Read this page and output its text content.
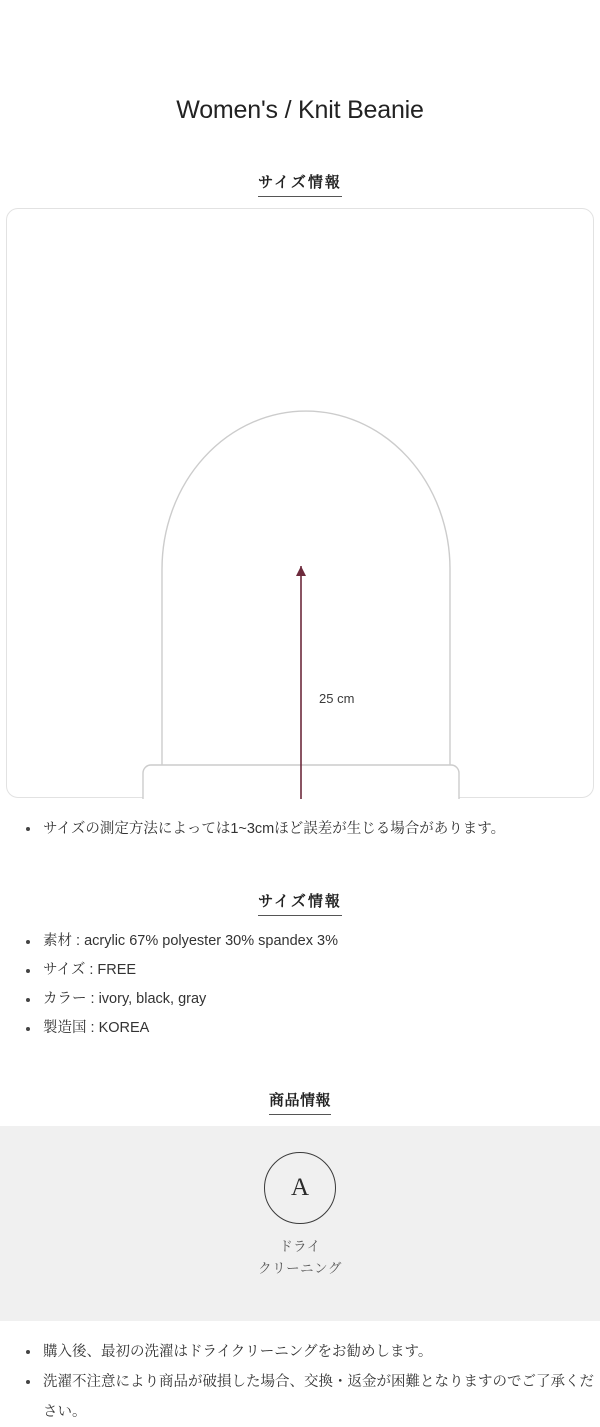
Women's / Knit Beanie
サイズ情報
25 cm
サイズの測定方法によっては1~3cmほど誤差が生じる場合があります。
サイズ情報
素材 : acrylic 67% polyester 30% spandex 3%
サイズ : FREE
カラー : ivory, black, gray
製造国 : KOREA
商品情報
A
ドライ
クリーニング
購入後、最初の洗濯はドライクリーニングをお勧めします。
洗濯不注意により商品が破損した場合、交換・返金が困難となりますのでご了承ください。
